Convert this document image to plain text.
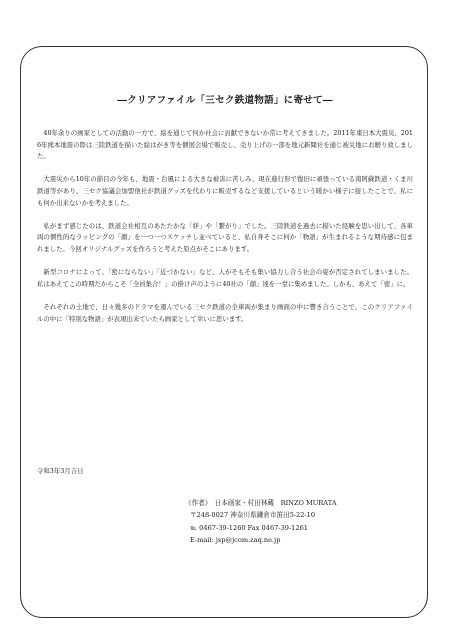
―クリアファイル「三セク鉄道物語」に寄せて―

40年余りの画家としての活動の一方で、絵を通じて何か社会に貢献できないか常に考えてきました。2011年東日本大震災、2016年熊本地震の際は三陸鉄道を描いた絵はがき等を個展会場で販売し、売り上げの一部を地元新聞社を通じ被災地にお贈り致しました。

大震災から10年の節目の今年も、地震・台風による大きな被害に苦しみ、現在進行形で復旧に頑張っている南阿蘇鉄道・くま川鉄道等があり、三セク協議会加盟他社が鉄道グッズを代わりに販売するなど支援しているという暖かい様子に接したことで、私にも何か出来ないかを考えました。

私がまず感じたのは、鉄道会社相互のあたたかな「絆」や「繋がり」でした。三陸鉄道を過去に描いた経験を思い出して、各車両の個性的なラッピングの「顔」を一つ一つスケッチし並べていると、私自身そこに何か「物語」が生まれるような期待感に包まれました。今回オリジナルグッズを作ろうと考えた原点がそこにあります。

新型コロナによって、「密にならない」「近づかない」など、人がそもそも集い協力し合う社会の姿が否定されてしまいました。私はあえてこの時期だからこそ「全員集合！」の掛け声のように40社の「顔」達を一堂に集めました。しかも、あえて「密」に。

それぞれの土地で、日々幾多のドラマを運んでいる三セク鉄道の全車両が集まり画面の中に響き合うことで、このクリアファイルの中に「特別な物語」が表現出来ていたら画家として幸いに思います。

令和3年3月吉日
《作者》　日本画家・村田林蔵　RINZO MURATA
〒248-0027 神奈川県鎌倉市笛田5-22-10
℡ 0467-39-1260 Fax 0467-39-1261
E-mail: jsp@jcom.zaq.ne.jp
